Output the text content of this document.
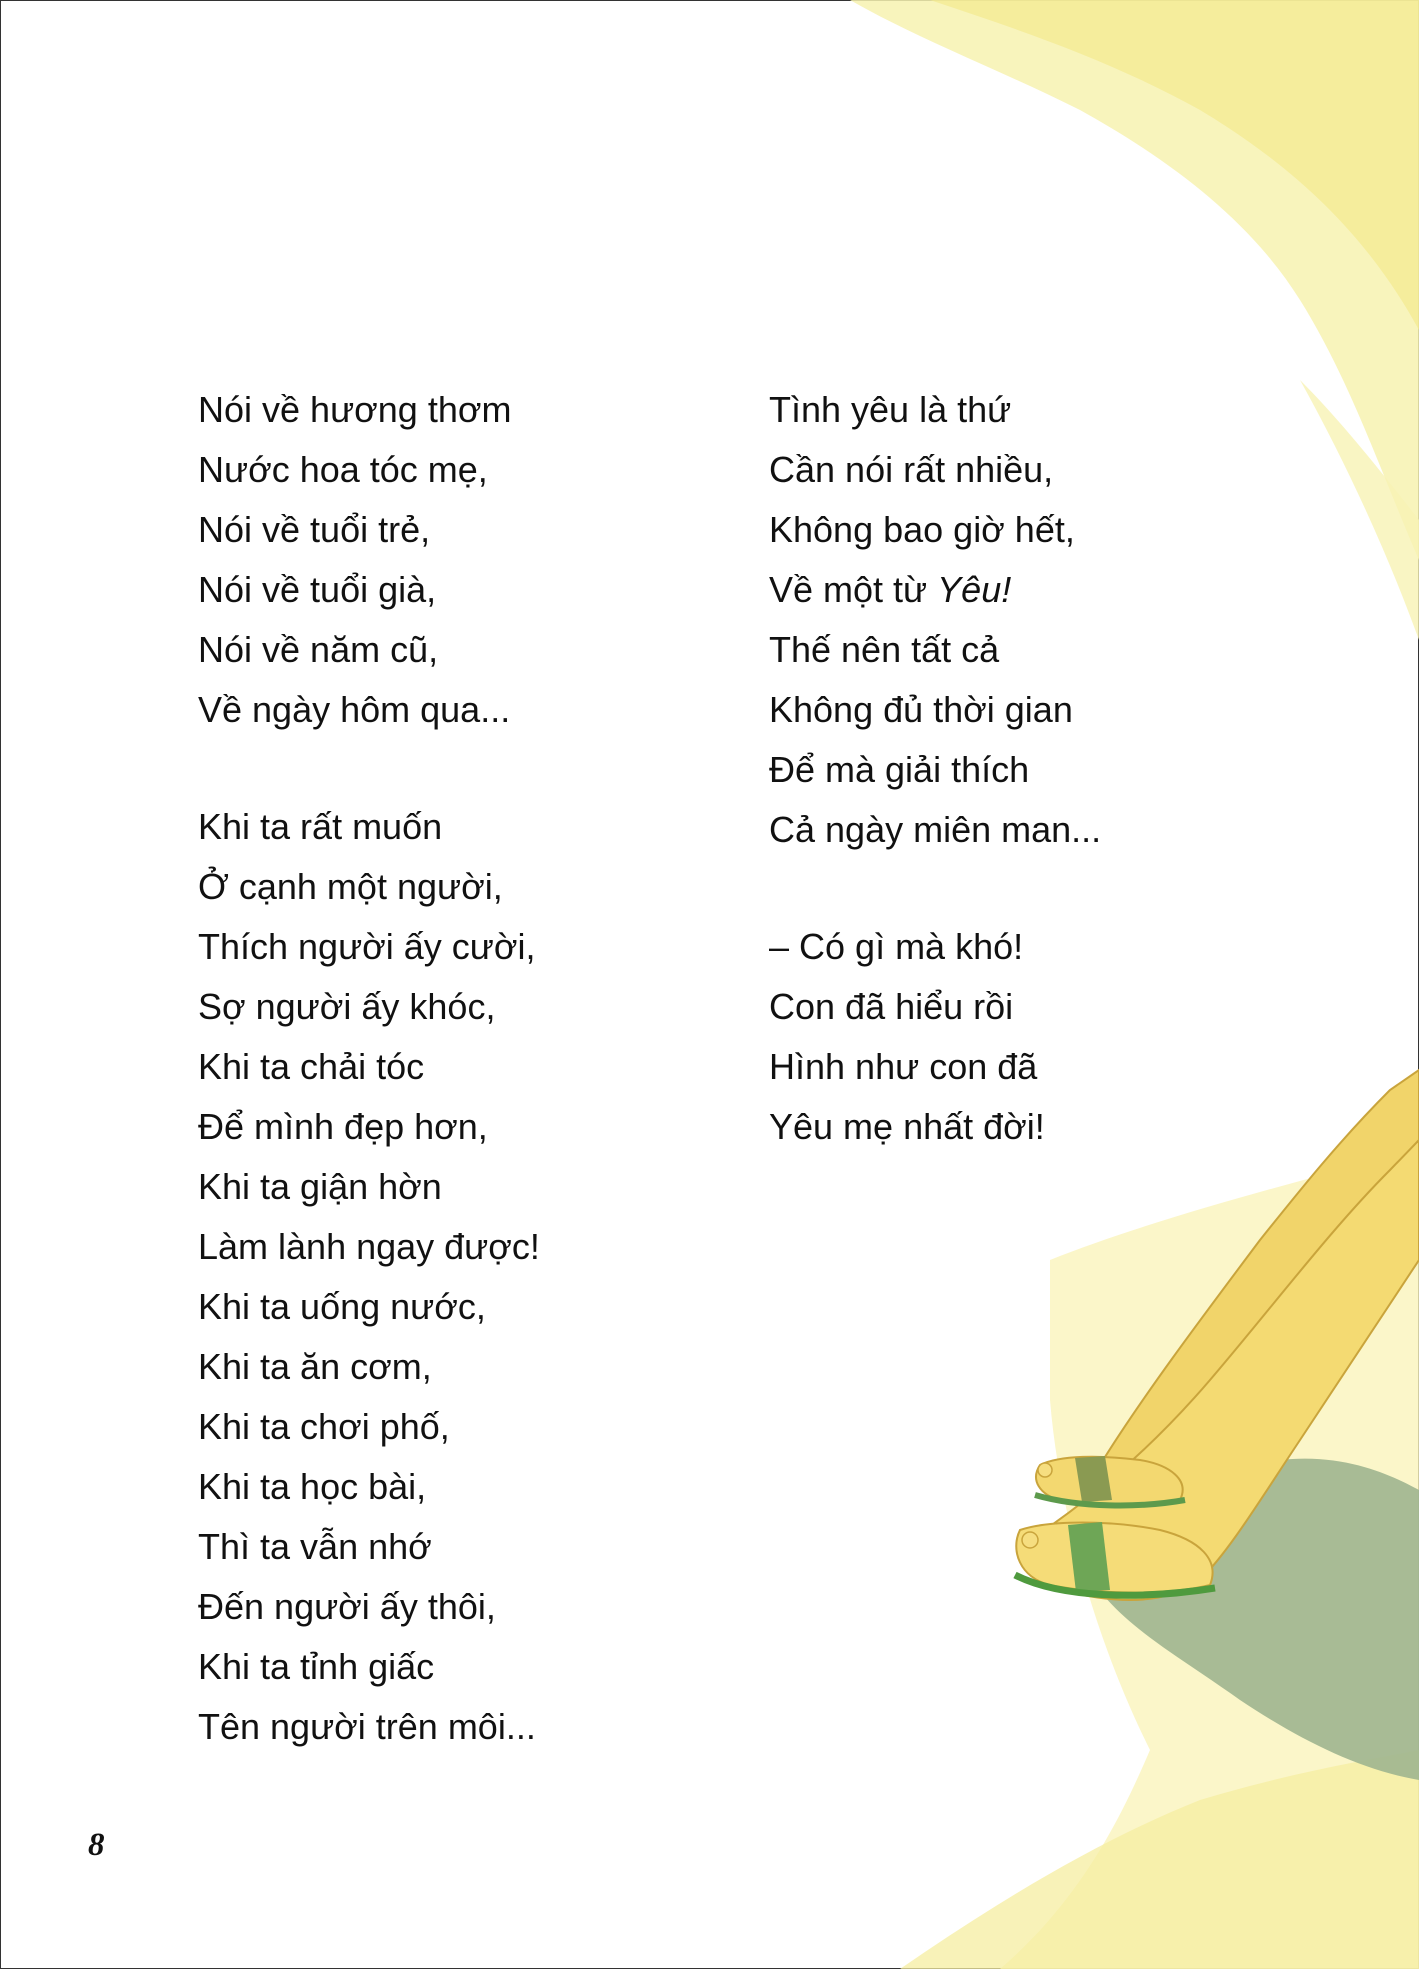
Nói về hương thơm
Nước hoa tóc mẹ,
Nói về tuổi trẻ,
Nói về tuổi già,
Nói về năm cũ,
Về ngày hôm qua...
Khi ta rất muốn
Ở cạnh một người,
Thích người ấy cười,
Sợ người ấy khóc,
Khi ta chải tóc
Để mình đẹp hơn,
Khi ta giận hờn
Làm lành ngay được!
Khi ta uống nước,
Khi ta ăn cơm,
Khi ta chơi phố,
Khi ta học bài,
Thì ta vẫn nhớ
Đến người ấy thôi,
Khi ta tỉnh giấc
Tên người trên môi...
Tình yêu là thứ
Cần nói rất nhiều,
Không bao giờ hết,
Về một từ Yêu!
Thế nên tất cả
Không đủ thời gian
Để mà giải thích
Cả ngày miên man...
– Có gì mà khó!
Con đã hiểu rồi
Hình như con đã
Yêu mẹ nhất đời!
8
